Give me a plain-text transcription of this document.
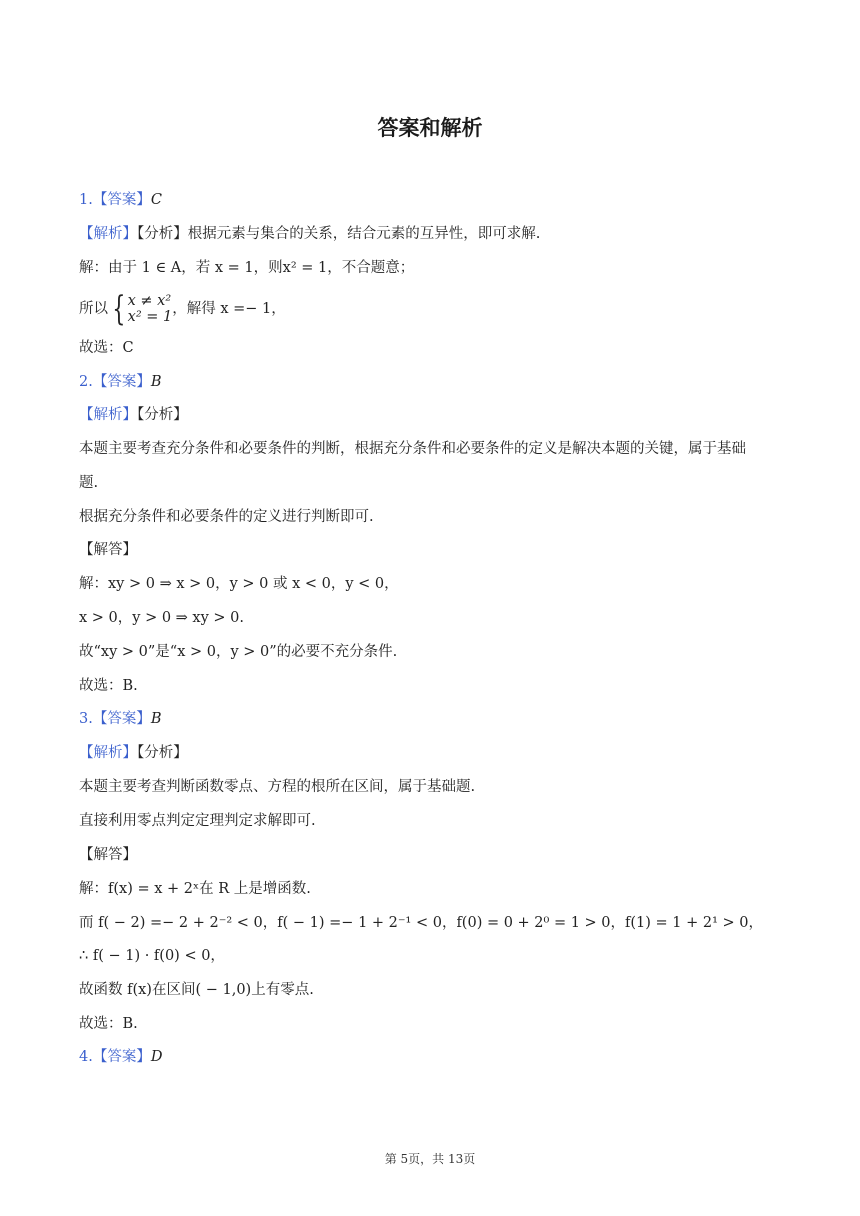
答案和解析
1.【答案】C
【解析】【分析】根据元素与集合的关系，结合元素的互异性，即可求解.
解：由于 1 ∈ A，若 x = 1，则x² = 1，不合题意；
故选：C
2.【答案】B
【解析】【分析】
【解答】
解：xy > 0 ⇒ x > 0，y > 0 或 x < 0，y < 0，
x > 0，y > 0 ⇒ xy > 0.
故“xy > 0”是“x > 0，y > 0”的必要不充分条件.
故选：B.
3.【答案】B
【解析】【分析】
本题主要考查判断函数零点、方程的根所在区间，属于基础题.
直接利用零点判定定理判定求解即可.
【解答】
解：f(x) = x + 2ˣ在 R 上是增函数.
而 f( − 2) =− 2 + 2⁻² < 0，f( − 1) =− 1 + 2⁻¹ < 0，f(0) = 0 + 2⁰ = 1 > 0，f(1) = 1 + 2¹ > 0，
∴ f( − 1) · f(0) < 0，
故函数 f(x)在区间( − 1,0)上有零点.
故选：B.
4.【答案】D
所以 { x ≠ x²
x² = 1 ，解得 x =− 1，
本题主要考查充分条件和必要条件的判断，根据充分条件和必要条件的定义是解决本题的关键，属于基础
题.
根据充分条件和必要条件的定义进行判断即可.
第 5页，共 13页
